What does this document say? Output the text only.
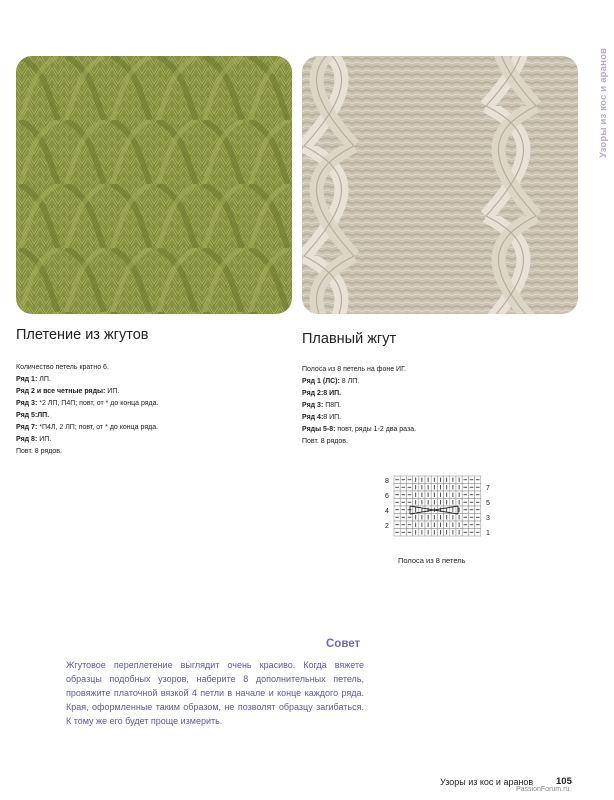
Узоры из кос и аранов
Плетение из жгутов	Плавный жгут
Количество петель кратно 6.
Ряд 1: ЛП.
Ряд 2 и все четные ряды: ИП.
Ряд 3: *2 ЛП, П4П; повт, от * до конца ряда.
Ряд 5:ЛП.
Ряд 7: *П4Л, 2 ЛП; повт, от * до конца ряда.
Ряд 8: ИП.
Повт. 8 рядов.
Полоса из 8 петель на фоне ИГ.
Ряд 1 (ЛС): 8 ЛП.
Ряд 2:8 ИП.
Ряд 3: П8П.
Ряд 4:8 ИП.
Ряды 5-8: повт, ряды 1-2 два раза.
Повт. 8 рядов.
8
6
4
2
7
5
3
1
Полоса из 8 петель
Совет

Жгутовое переплетение выглядит очень красиво. Когда вяжете образцы подобных узоров, наберите 8 дополнительных петель, провяжите платочной вязкой 4 петли в начале и конце каждого ряда. Края, оформленные таким образом, не позволят образцу загибаться. К тому же его будет проще измерить.

Узоры из кос и аранов 105
PassionForum.ru
